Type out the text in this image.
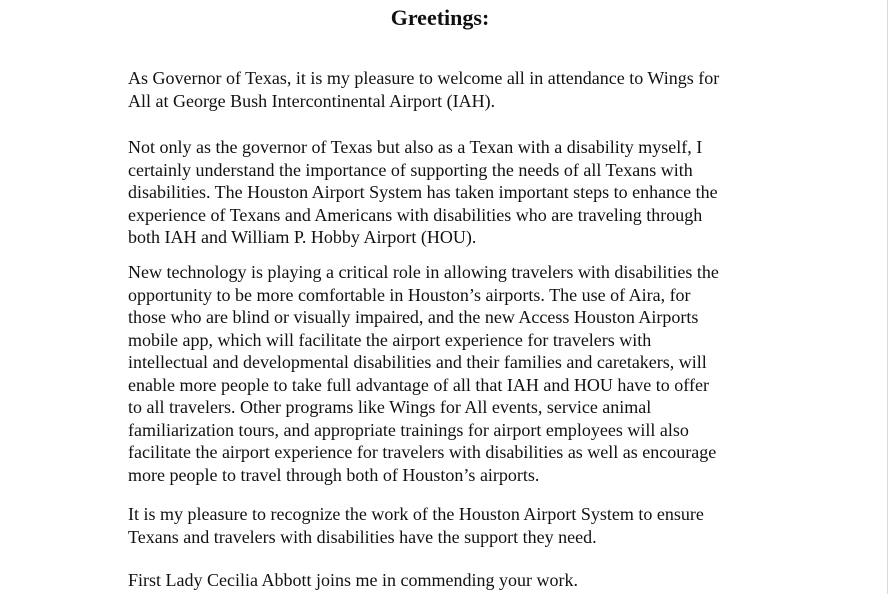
Greetings:

As Governor of Texas, it is my pleasure to welcome all in attendance to Wings for
All at George Bush Intercontinental Airport (IAH).

Not only as the governor of Texas but also as a Texan with a disability myself, I
certainly understand the importance of supporting the needs of all Texans with
disabilities. The Houston Airport System has taken important steps to enhance the
experience of Texans and Americans with disabilities who are traveling through
both IAH and William P. Hobby Airport (HOU).

New technology is playing a critical role in allowing travelers with disabilities the
opportunity to be more comfortable in Houston’s airports. The use of Aira, for
those who are blind or visually impaired, and the new Access Houston Airports
mobile app, which will facilitate the airport experience for travelers with
intellectual and developmental disabilities and their families and caretakers, will
enable more people to take full advantage of all that IAH and HOU have to offer
to all travelers. Other programs like Wings for All events, service animal
familiarization tours, and appropriate trainings for airport employees will also
facilitate the airport experience for travelers with disabilities as well as encourage
more people to travel through both of Houston’s airports.

It is my pleasure to recognize the work of the Houston Airport System to ensure
Texans and travelers with disabilities have the support they need.

First Lady Cecilia Abbott joins me in commending your work.
